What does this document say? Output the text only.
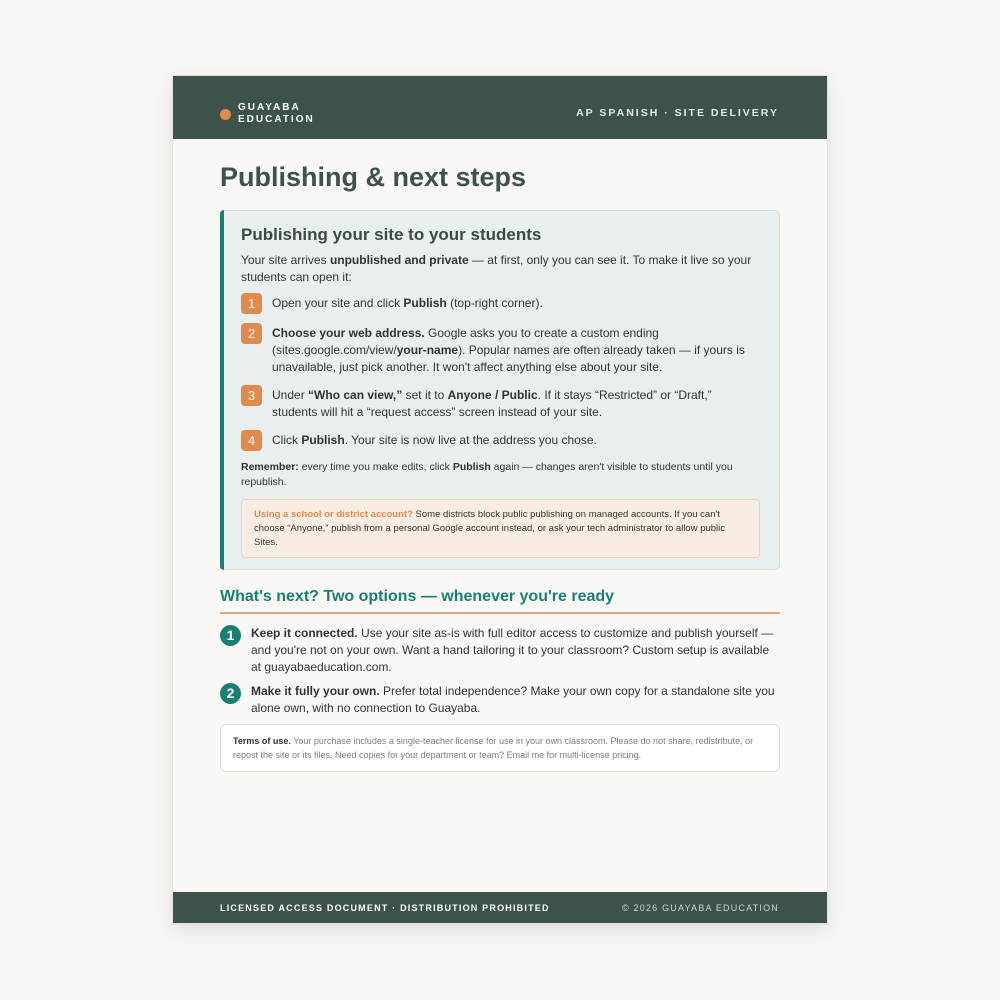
GUAYABA
EDUCATION
AP SPANISH · SITE DELIVERY
Publishing & next steps
Publishing your site to your students
Your site arrives unpublished and private — at first, only you can see it. To make it live so your students can open it:
1	Open your site and click Publish (top-right corner).
2	Choose your web address. Google asks you to create a custom ending (sites.google.com/view/your-name). Popular names are often already taken — if yours is unavailable, just pick another. It won't affect anything else about your site.
3	Under “Who can view,” set it to Anyone / Public. If it stays “Restricted” or “Draft,” students will hit a “request access” screen instead of your site.
4	Click Publish. Your site is now live at the address you chose.
Remember: every time you make edits, click Publish again — changes aren't visible to students until you republish.
Using a school or district account? Some districts block public publishing on managed accounts. If you can't choose “Anyone,” publish from a personal Google account instead, or ask your tech administrator to allow public Sites.
What's next? Two options — whenever you're ready
1	Keep it connected. Use your site as-is with full editor access to customize and publish yourself — and you're not on your own. Want a hand tailoring it to your classroom? Custom setup is available at guayabaeducation.com.
2	Make it fully your own. Prefer total independence? Make your own copy for a standalone site you alone own, with no connection to Guayaba.
Terms of use. Your purchase includes a single-teacher license for use in your own classroom. Please do not share, redistribute, or repost the site or its files. Need copies for your department or team? Email me for multi-license pricing.
LICENSED ACCESS DOCUMENT · DISTRIBUTION PROHIBITED	© 2026 GUAYABA EDUCATION
